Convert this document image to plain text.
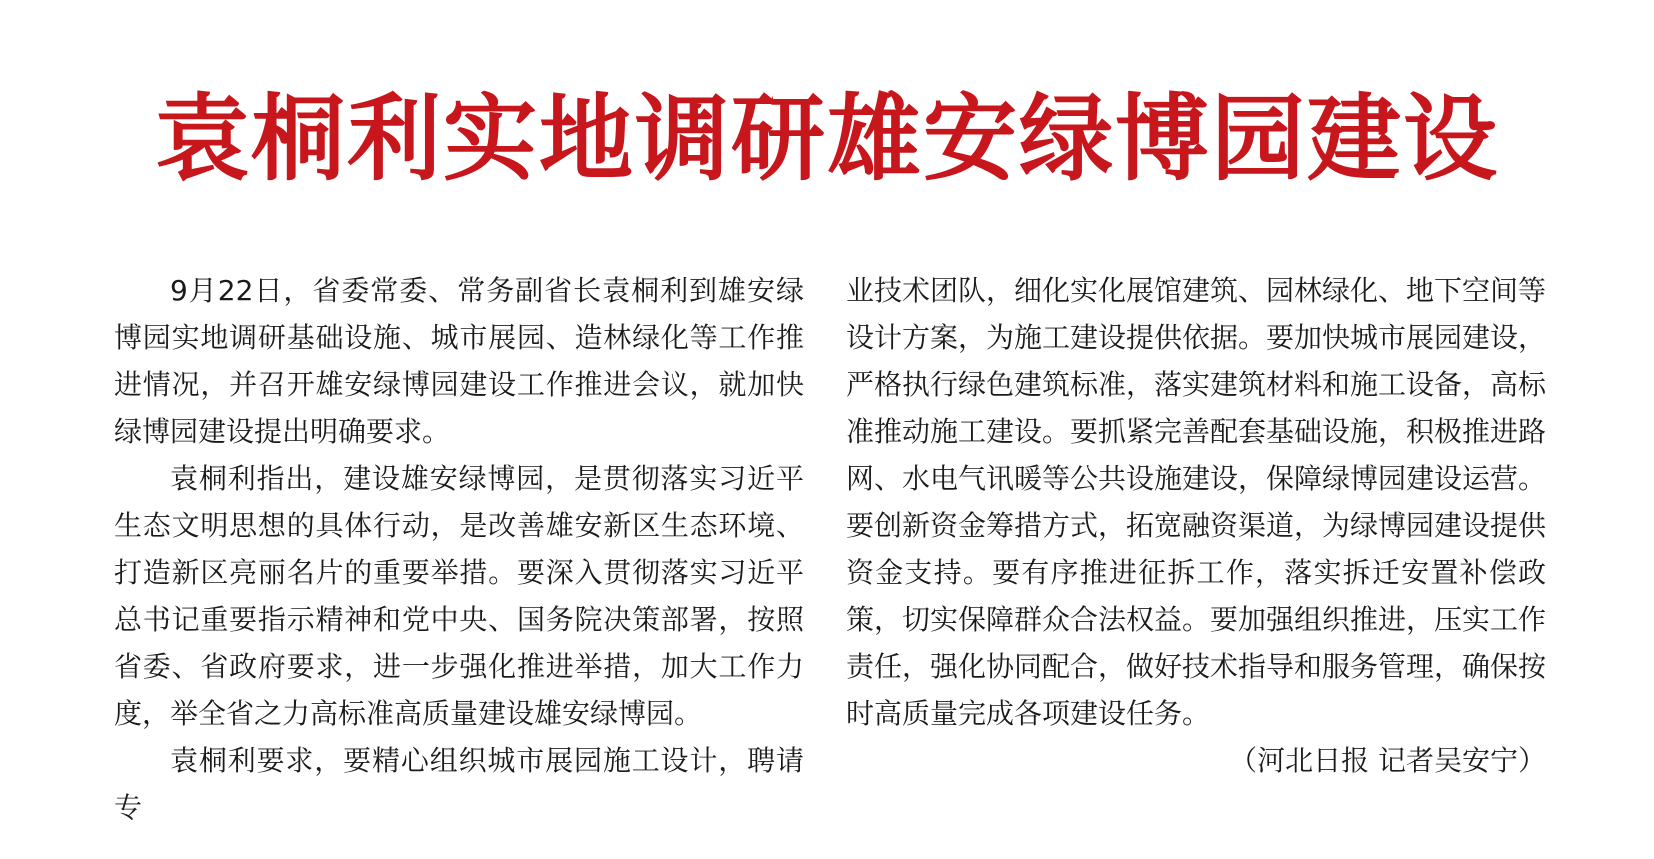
袁桐利实地调研雄安绿博园建设

9月22日，省委常委、常务副省长袁桐利到雄安绿博园实地调研基础设施、城市展园、造林绿化等工作推进情况，并召开雄安绿博园建设工作推进会议，就加快绿博园建设提出明确要求。

袁桐利指出，建设雄安绿博园，是贯彻落实习近平生态文明思想的具体行动，是改善雄安新区生态环境、打造新区亮丽名片的重要举措。要深入贯彻落实习近平总书记重要指示精神和党中央、国务院决策部署，按照省委、省政府要求，进一步强化推进举措，加大工作力度，举全省之力高标准高质量建设雄安绿博园。

袁桐利要求，要精心组织城市展园施工设计，聘请专

业技术团队，细化实化展馆建筑、园林绿化、地下空间等设计方案，为施工建设提供依据。要加快城市展园建设，严格执行绿色建筑标准，落实建筑材料和施工设备，高标准推动施工建设。要抓紧完善配套基础设施，积极推进路网、水电气讯暖等公共设施建设，保障绿博园建设运营。要创新资金筹措方式，拓宽融资渠道，为绿博园建设提供资金支持。要有序推进征拆工作，落实拆迁安置补偿政策，切实保障群众合法权益。要加强组织推进，压实工作责任，强化协同配合，做好技术指导和服务管理，确保按时高质量完成各项建设任务。

（河北日报 记者吴安宁）
